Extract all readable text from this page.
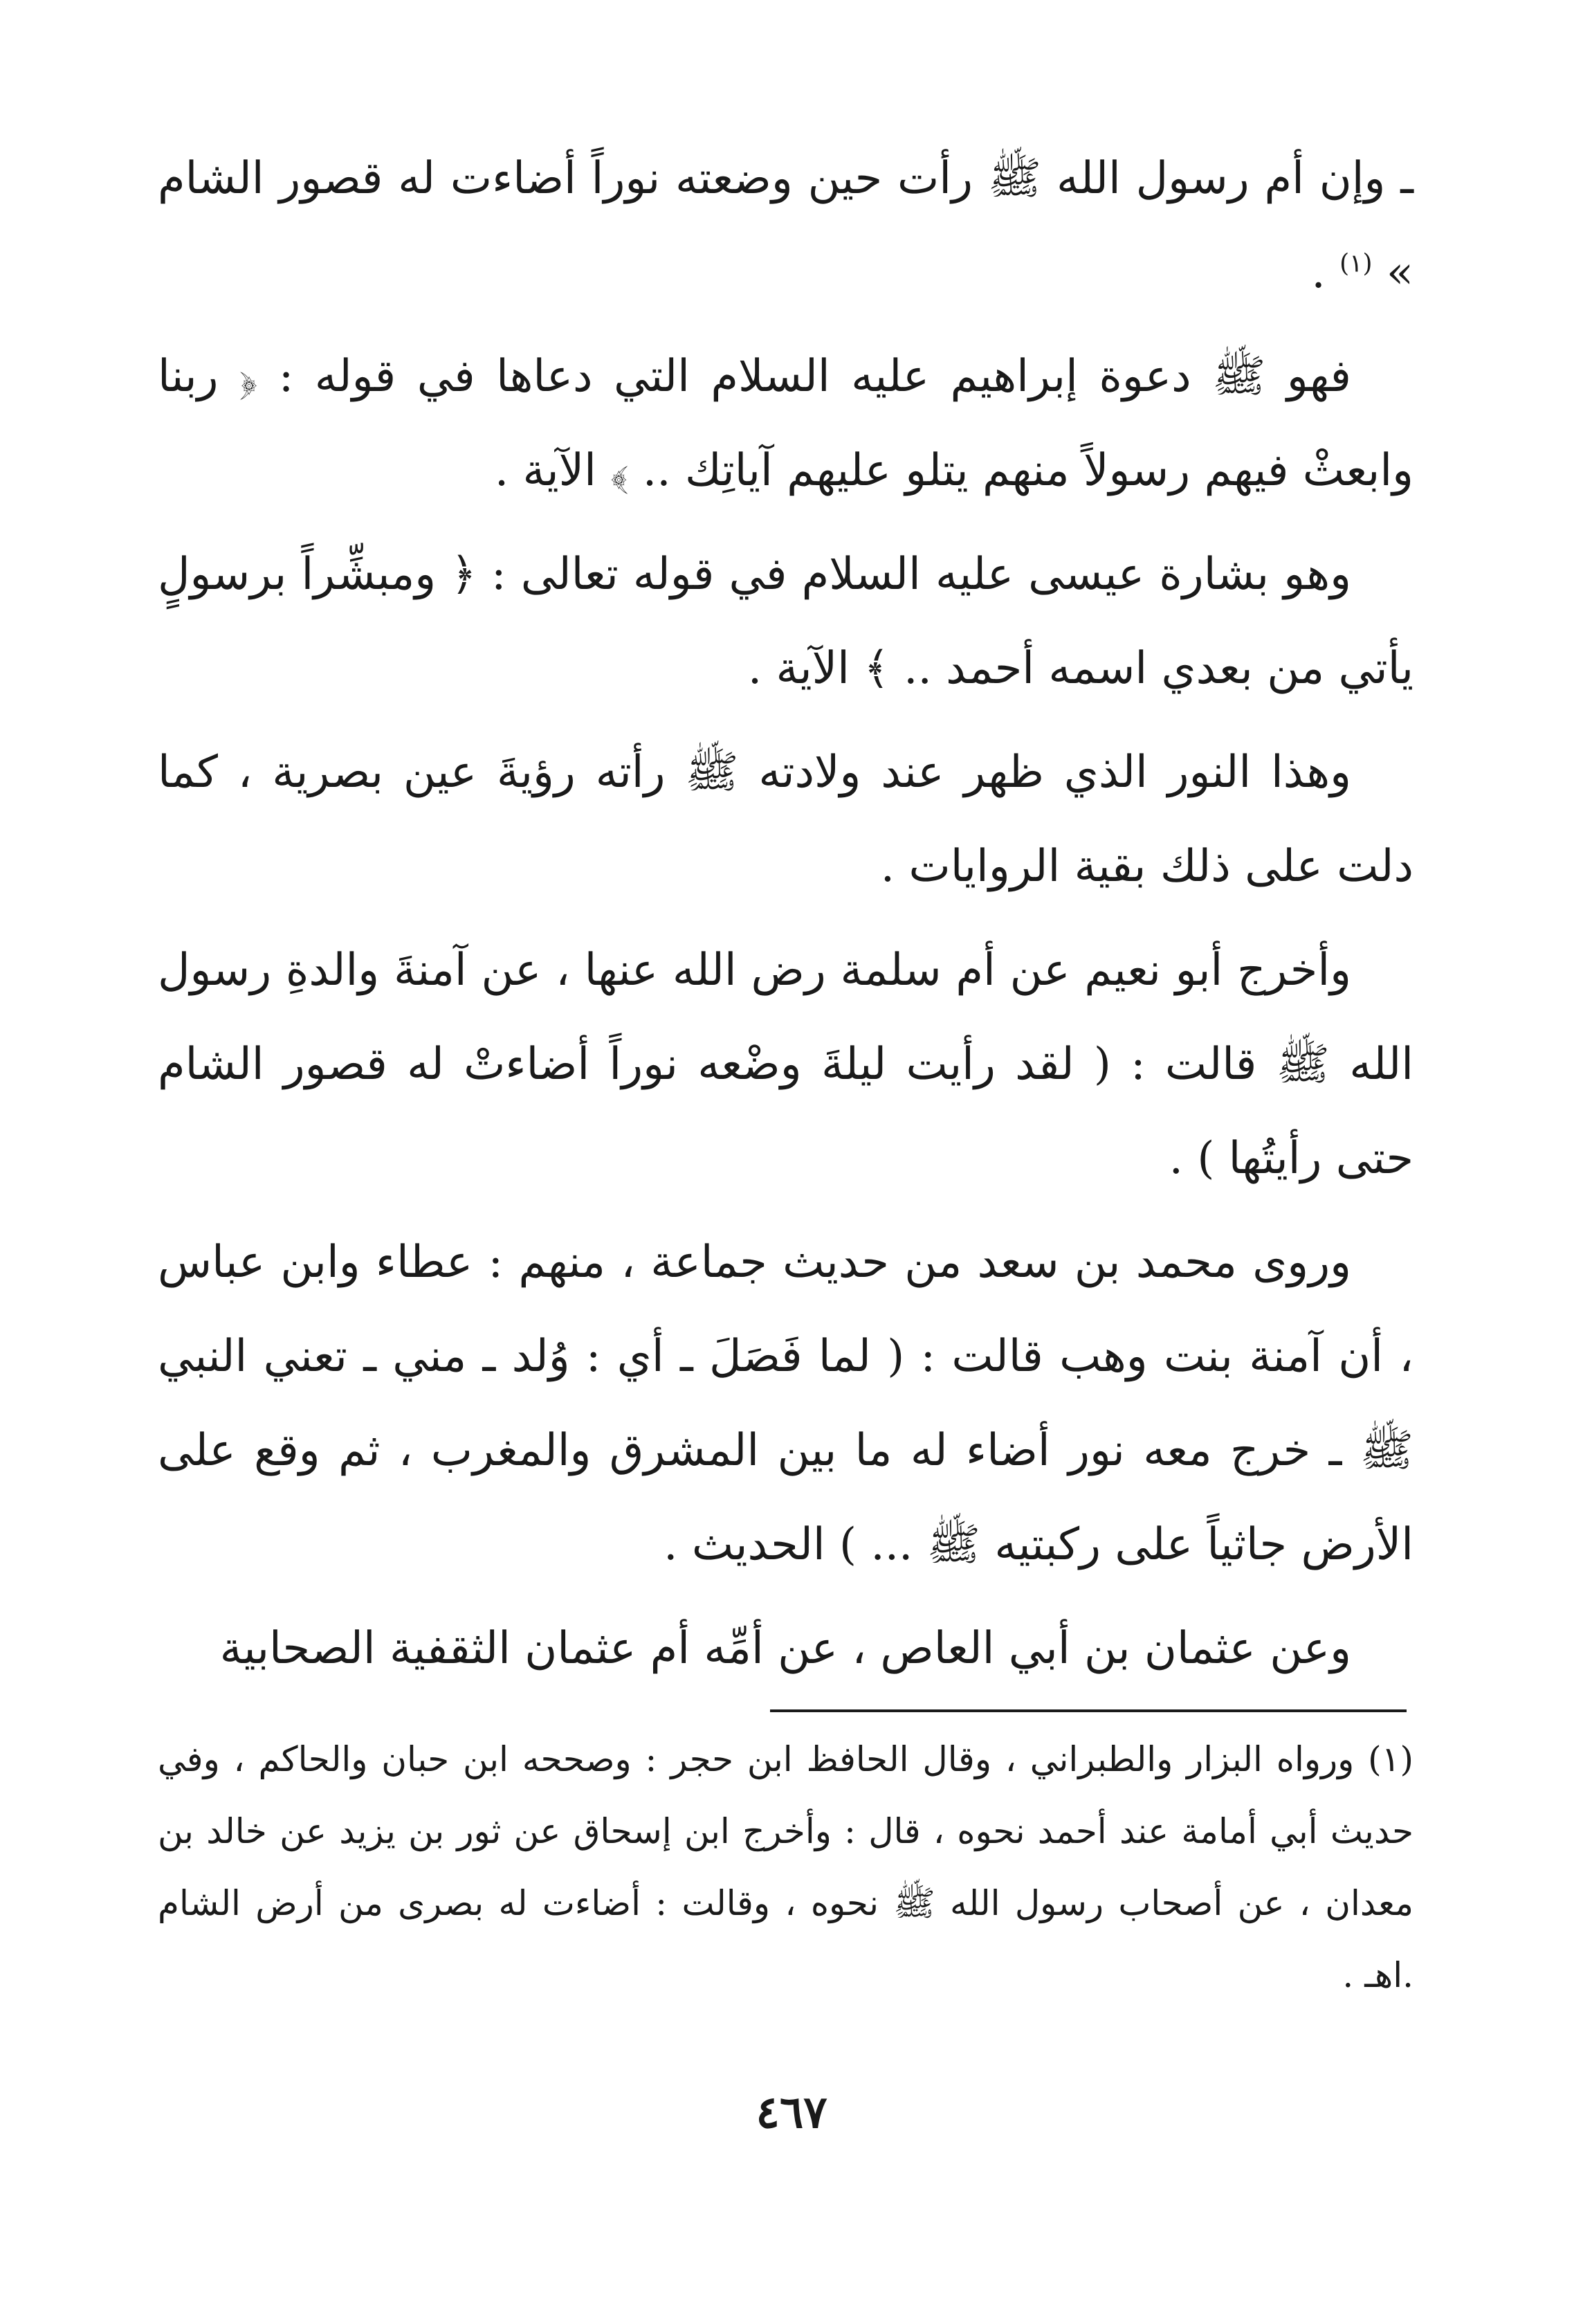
ـ وإن أم رسول الله ﷺ رأت حين وضعته نوراً أضاءت له قصور الشام » $^{(١)}$ .

فهو ﷺ دعوة إبراهيم عليه السلام التي دعاها في قوله : ﴿ ربنا وابعثْ فيهم رسولاً منهم يتلو عليهم آياتِك .. ﴾ الآية .

وهو بشارة عيسى عليه السلام في قوله تعالى : ﴿ ومبشِّراً برسولٍ يأتي من بعدي اسمه أحمد .. ﴾ الآية .

وهذا النور الذي ظهر عند ولادته ﷺ رأته رؤيةَ عين بصرية ، كما دلت على ذلك بقية الروايات .

وأخرج أبو نعيم عن أم سلمة رض الله عنها ، عن آمنةَ والدةِ رسول الله ﷺ قالت : ( لقد رأيت ليلةَ وضْعه نوراً أضاءتْ له قصور الشام حتى رأيتُها ) .

وروى محمد بن سعد من حديث جماعة ، منهم : عطاء وابن عباس ، أن آمنة بنت وهب قالت : ( لما فَصَلَ ـ أي : وُلد ـ مني ـ تعني النبي ﷺ ـ خرج معه نور أضاء له ما بين المشرق والمغرب ، ثم وقع على الأرض جاثياً على ركبتيه ﷺ ... ) الحديث .

وعن عثمان بن أبي العاص ، عن أمِّه أم عثمان الثقفية الصحابية

(١) ورواه البزار والطبراني ، وقال الحافظ ابن حجر : وصححه ابن حبان والحاكم ، وفي حديث أبي أمامة عند أحمد نحوه ، قال : وأخرج ابن إسحاق عن ثور بن يزيد عن خالد بن معدان ، عن أصحاب رسول الله ﷺ نحوه ، وقالت : أضاءت له بصرى من أرض الشام .اهـ .

٤٦٧
